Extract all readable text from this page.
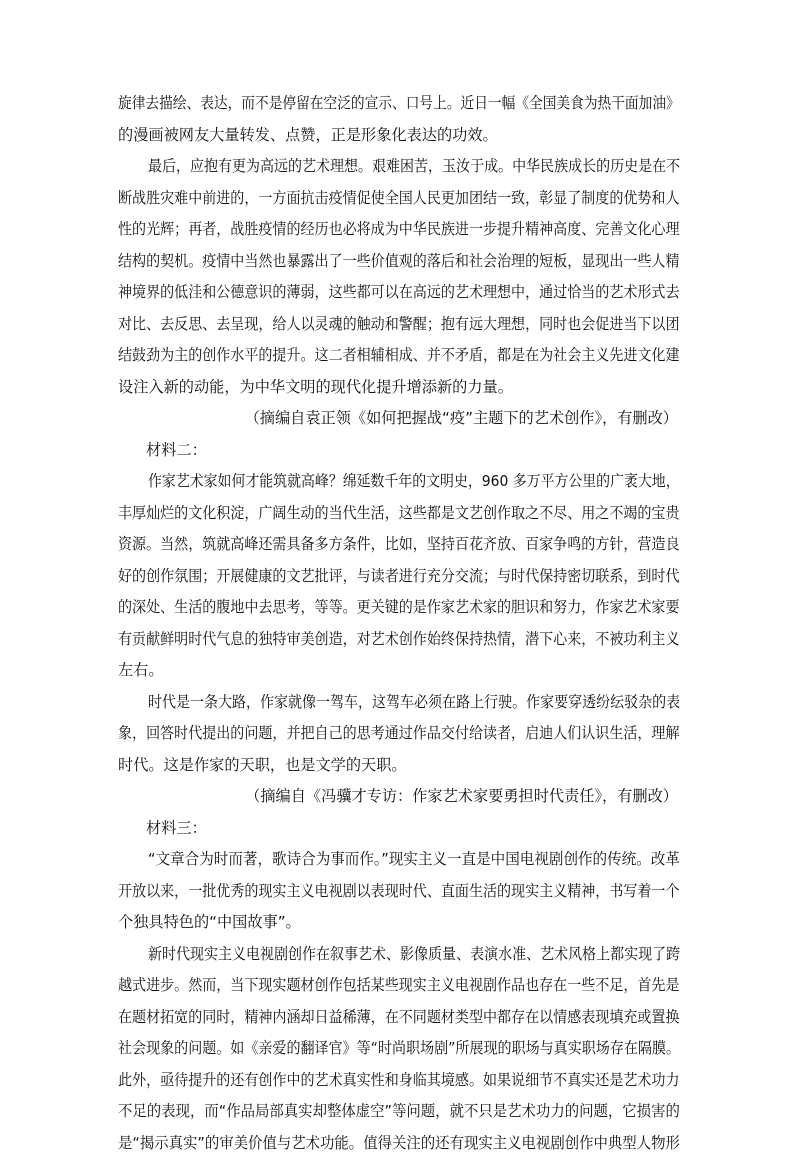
旋律去描绘、表达，而不是停留在空泛的宣示、口号上。近日一幅《全国美食为热干面加油》
的漫画被网友大量转发、点赞，正是形象化表达的功效。
最后，应抱有更为高远的艺术理想。艰难困苦，玉汝于成。中华民族成长的历史是在不
断战胜灾难中前进的，一方面抗击疫情促使全国人民更加团结一致，彰显了制度的优势和人
性的光辉；再者，战胜疫情的经历也必将成为中华民族进一步提升精神高度、完善文化心理
结构的契机。疫情中当然也暴露出了一些价值观的落后和社会治理的短板，显现出一些人精
神境界的低洼和公德意识的薄弱，这些都可以在高远的艺术理想中，通过恰当的艺术形式去
对比、去反思、去呈现，给人以灵魂的触动和警醒；抱有远大理想，同时也会促进当下以团
结鼓劲为主的创作水平的提升。这二者相辅相成、并不矛盾，都是在为社会主义先进文化建
设注入新的动能，为中华文明的现代化提升增添新的力量。
（摘编自袁正领《如何把握战“疫”主题下的艺术创作》，有删改）
材料二：
作家艺术家如何才能筑就高峰？绵延数千年的文明史，960 多万平方公里的广袤大地，
丰厚灿烂的文化积淀，广阔生动的当代生活，这些都是文艺创作取之不尽、用之不竭的宝贵
资源。当然，筑就高峰还需具备多方条件，比如，坚持百花齐放、百家争鸣的方针，营造良
好的创作氛围；开展健康的文艺批评，与读者进行充分交流；与时代保持密切联系，到时代
的深处、生活的腹地中去思考，等等。更关键的是作家艺术家的胆识和努力，作家艺术家要
有贡献鲜明时代气息的独特审美创造，对艺术创作始终保持热情，潜下心来，不被功利主义
左右。
时代是一条大路，作家就像一驾车，这驾车必须在路上行驶。作家要穿透纷纭驳杂的表
象，回答时代提出的问题，并把自己的思考通过作品交付给读者，启迪人们认识生活，理解
时代。这是作家的天职，也是文学的天职。
（摘编自《冯骥才专访：作家艺术家要勇担时代责任》，有删改）
材料三：
“文章合为时而著，歌诗合为事而作。”现实主义一直是中国电视剧创作的传统。改革
开放以来，一批优秀的现实主义电视剧以表现时代、直面生活的现实主义精神，书写着一个
个独具特色的“中国故事”。
新时代现实主义电视剧创作在叙事艺术、影像质量、表演水准、艺术风格上都实现了跨
越式进步。然而，当下现实题材创作包括某些现实主义电视剧作品也存在一些不足，首先是
在题材拓宽的同时，精神内涵却日益稀薄，在不同题材类型中都存在以情感表现填充或置换
社会现象的问题。如《亲爱的翻译官》等“时尚职场剧”所展现的职场与真实职场存在隔膜。
此外，亟待提升的还有创作中的艺术真实性和身临其境感。如果说细节不真实还是艺术功力
不足的表现，而“作品局部真实却整体虚空”等问题，就不只是艺术功力的问题，它损害的
是“揭示真实”的审美价值与艺术功能。值得关注的还有现实主义电视剧创作中典型人物形
